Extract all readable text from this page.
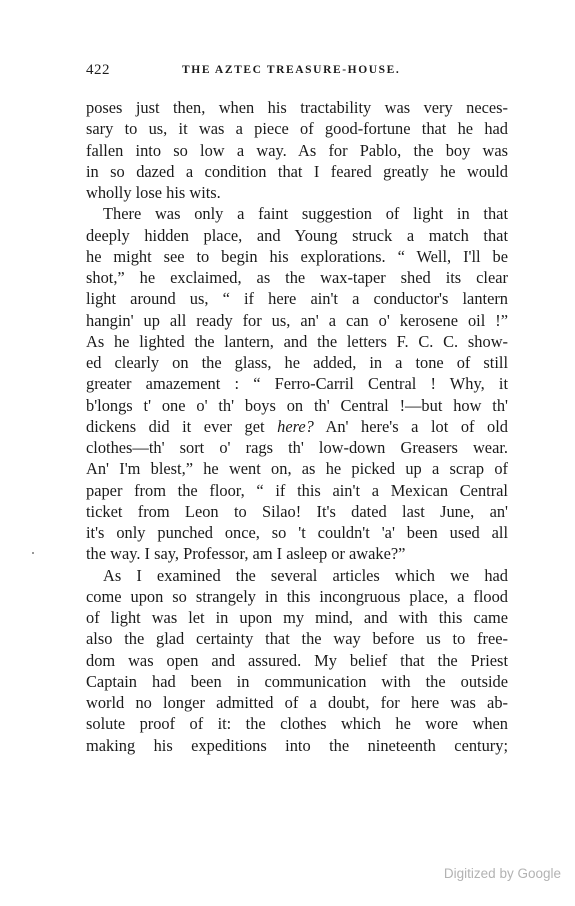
422	THE AZTEC TREASURE-HOUSE.
poses just then, when his tractability was very neces-
sary to us, it was a piece of good-fortune that he had
fallen into so low a way. As for Pablo, the boy was
in so dazed a condition that I feared greatly he would
wholly lose his wits.
There was only a faint suggestion of light in that
deeply hidden place, and Young struck a match that
he might see to begin his explorations. “ Well, I'll be
shot,” he exclaimed, as the wax-taper shed its clear
light around us, “ if here ain't a conductor's lantern
hangin' up all ready for us, an' a can o' kerosene oil !”
As he lighted the lantern, and the letters F. C. C. show-
ed clearly on the glass, he added, in a tone of still
greater amazement : “ Ferro-Carril Central ! Why, it
b'longs t' one o' th' boys on th' Central !—but how th'
dickens did it ever get here? An' here's a lot of old
clothes—th' sort o' rags th' low-down Greasers wear.
An' I'm blest,” he went on, as he picked up a scrap of
paper from the floor, “ if this ain't a Mexican Central
ticket from Leon to Silao! It's dated last June, an'
it's only punched once, so 't couldn't 'a' been used all
the way. I say, Professor, am I asleep or awake?”
As I examined the several articles which we had
come upon so strangely in this incongruous place, a flood
of light was let in upon my mind, and with this came
also the glad certainty that the way before us to free-
dom was open and assured. My belief that the Priest
Captain had been in communication with the outside
world no longer admitted of a doubt, for here was ab-
solute proof of it: the clothes which he wore when
making his expeditions into the nineteenth century;
Digitized by Google
